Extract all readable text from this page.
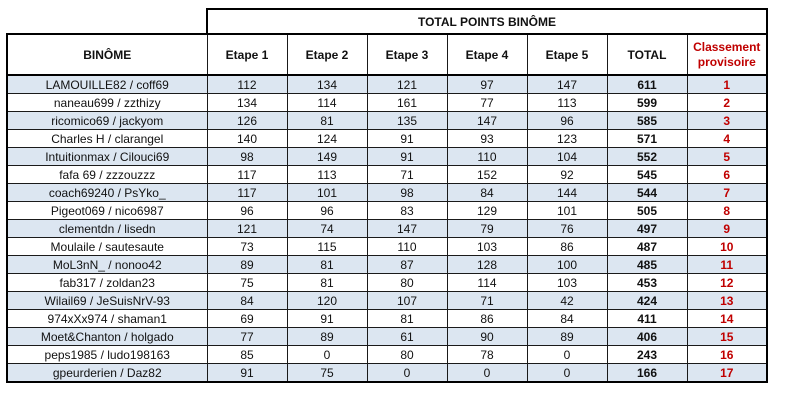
	TOTAL POINTS BINÔME						
BINÔME	Etape 1	Etape 2	Etape 3	Etape 4	Etape 5	TOTAL	Classement provisoire
LAMOUILLE82 / coff69	112	134	121	97	147	611	1
naneau699 / zzthizy	134	114	161	77	113	599	2
ricomico69 / jackyom	126	81	135	147	96	585	3
Charles H / clarangel	140	124	91	93	123	571	4
Intuitionmax / Cilouci69	98	149	91	110	104	552	5
fafa 69 / zzzouzzz	117	113	71	152	92	545	6
coach69240 / PsYko_	117	101	98	84	144	544	7
Pigeot069 / nico6987	96	96	83	129	101	505	8
clementdn / lisedn	121	74	147	79	76	497	9
Moulaile / sautesaute	73	115	110	103	86	487	10
MoL3nN_ / nonoo42	89	81	87	128	100	485	11
fab317 / zoldan23	75	81	80	114	103	453	12
Wilail69 / JeSuisNrV-93	84	120	107	71	42	424	13
974xXx974 / shaman1	69	91	81	86	84	411	14
Moet&Chanton / holgado	77	89	61	90	89	406	15
peps1985 / ludo198163	85	0	80	78	0	243	16
gpeurderien / Daz82	91	75	0	0	0	166	17
